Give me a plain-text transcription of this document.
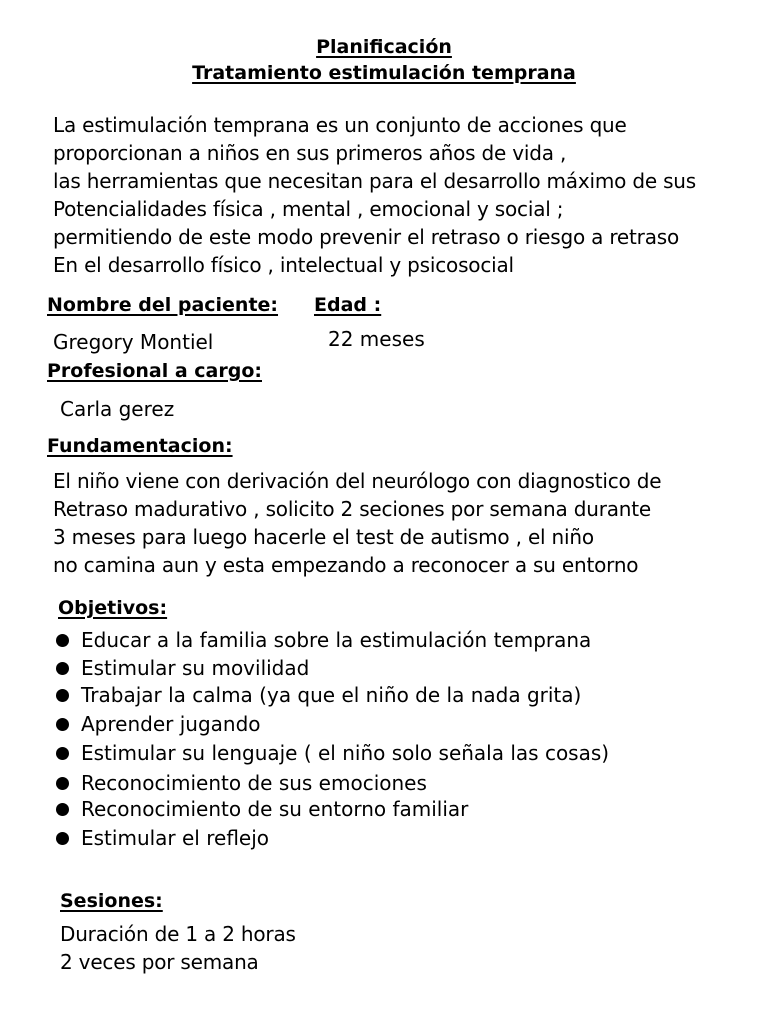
Planificación
Tratamiento estimulación temprana
La estimulación temprana es un conjunto de acciones que
proporcionan a niños en sus primeros años de vida ,
las herramientas que necesitan para el desarrollo máximo de sus
Potencialidades física , mental , emocional y social ;
permitiendo de este modo prevenir el retraso o riesgo a retraso
En el desarrollo físico , intelectual y psicosocial
Nombre del paciente:
Gregory Montiel
Edad :
22 meses
Profesional a cargo:
Carla gerez
Fundamentacion:
El niño viene con derivación del neurólogo con diagnostico de
Retraso madurativo , solicito 2 seciones por semana durante
3 meses para luego hacerle el test de autismo , el niño
no camina aun y esta empezando a reconocer a su entorno
Objetivos:
Educar a la familia sobre la estimulación temprana
Estimular su movilidad
Trabajar la calma (ya que el niño de la nada grita)
Aprender jugando
Estimular su lenguaje ( el niño solo señala las cosas)
Reconocimiento de sus emociones
Reconocimiento de su entorno familiar
Estimular el reflejo
Sesiones:
Duración de 1 a 2 horas
2 veces por semana
